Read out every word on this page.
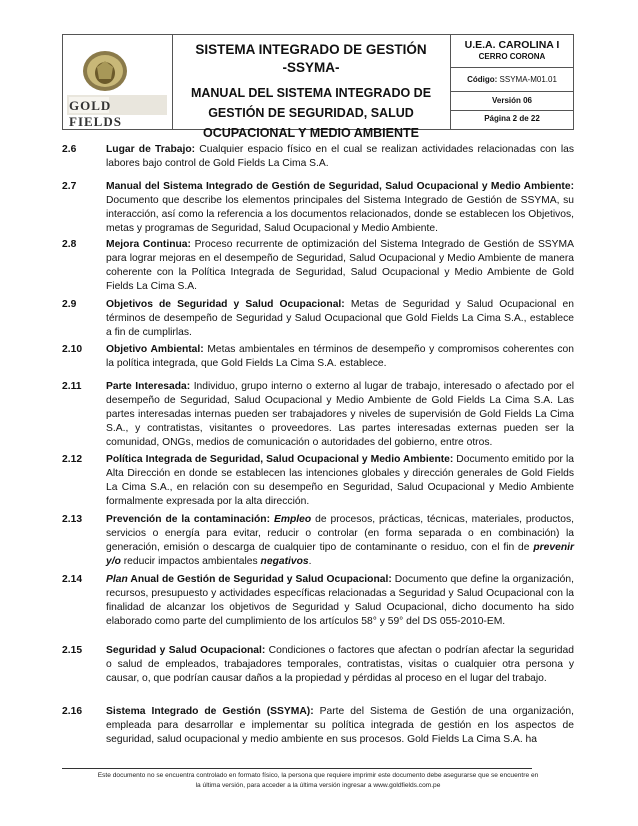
GOLD FIELDS
SISTEMA INTEGRADO DE GESTIÓN
-SSYMA-
MANUAL DEL SISTEMA INTEGRADO DE GESTIÓN DE SEGURIDAD, SALUD OCUPACIONAL Y MEDIO AMBIENTE
U.E.A. CAROLINA I
CERRO CORONA
Código: SSYMA-M01.01
Versión 06
Página 2 de 22
2.6	Lugar de Trabajo: Cualquier espacio físico en el cual se realizan actividades relacionadas con las labores bajo control de Gold Fields La Cima S.A.
2.7	Manual del Sistema Integrado de Gestión de Seguridad, Salud Ocupacional y Medio Ambiente: Documento que describe los elementos principales del Sistema Integrado de Gestión de SSYMA, su interacción, así como la referencia a los documentos relacionados, donde se establecen los Objetivos, metas y programas de Seguridad, Salud Ocupacional y Medio Ambiente.
2.8	Mejora Continua: Proceso recurrente de optimización del Sistema Integrado de Gestión de SSYMA para lograr mejoras en el desempeño de Seguridad, Salud Ocupacional y Medio Ambiente de manera coherente con la Política Integrada de Seguridad, Salud Ocupacional y Medio Ambiente de Gold Fields La Cima S.A.
2.9	Objetivos de Seguridad y Salud Ocupacional: Metas de Seguridad y Salud Ocupacional en términos de desempeño de Seguridad y Salud Ocupacional que Gold Fields La Cima S.A., establece a fin de cumplirlas.
2.10	Objetivo Ambiental: Metas ambientales en términos de desempeño y compromisos coherentes con la política integrada, que Gold Fields La Cima S.A. establece.
2.11	Parte Interesada: Individuo, grupo interno o externo al lugar de trabajo, interesado o afectado por el desempeño de Seguridad, Salud Ocupacional y Medio Ambiente de Gold Fields La Cima S.A. Las partes interesadas internas pueden ser trabajadores y niveles de supervisión de Gold Fields La Cima S.A., y contratistas, visitantes o proveedores. Las partes interesadas externas pueden ser la comunidad, ONGs, medios de comunicación o autoridades del gobierno, entre otros.
2.12	Política Integrada de Seguridad, Salud Ocupacional y Medio Ambiente: Documento emitido por la Alta Dirección en donde se establecen las intenciones globales y dirección generales de Gold Fields La Cima S.A., en relación con su desempeño en Seguridad, Salud Ocupacional y Medio Ambiente formalmente expresada por la alta dirección.
2.13	Prevención de la contaminación: Empleo de procesos, prácticas, técnicas, materiales, productos, servicios o energía para evitar, reducir o controlar (en forma separada o en combinación) la generación, emisión o descarga de cualquier tipo de contaminante o residuo, con el fin de prevenir y/o reducir impactos ambientales negativos.
2.14	Plan Anual de Gestión de Seguridad y Salud Ocupacional: Documento que define la organización, recursos, presupuesto y actividades específicas relacionadas a Seguridad y Salud Ocupacional con la finalidad de alcanzar los objetivos de Seguridad y Salud Ocupacional, dicho documento ha sido elaborado como parte del cumplimiento de los artículos 58° y 59° del DS 055-2010-EM.
2.15	Seguridad y Salud Ocupacional: Condiciones o factores que afectan o podrían afectar la seguridad o salud de empleados, trabajadores temporales, contratistas, visitas o cualquier otra persona y causar, o, que podrían causar daños a la propiedad y pérdidas al proceso en el lugar del trabajo.
2.16	Sistema Integrado de Gestión (SSYMA): Parte del Sistema de Gestión de una organización, empleada para desarrollar e implementar su política integrada de gestión en los aspectos de seguridad, salud ocupacional y medio ambiente en sus procesos. Gold Fields La Cima S.A. ha
Este documento no se encuentra controlado en formato físico, la persona que requiere imprimir este documento debe asegurarse que se encuentre en
la última versión, para acceder a la última versión ingresar a www.goldfields.com.pe
